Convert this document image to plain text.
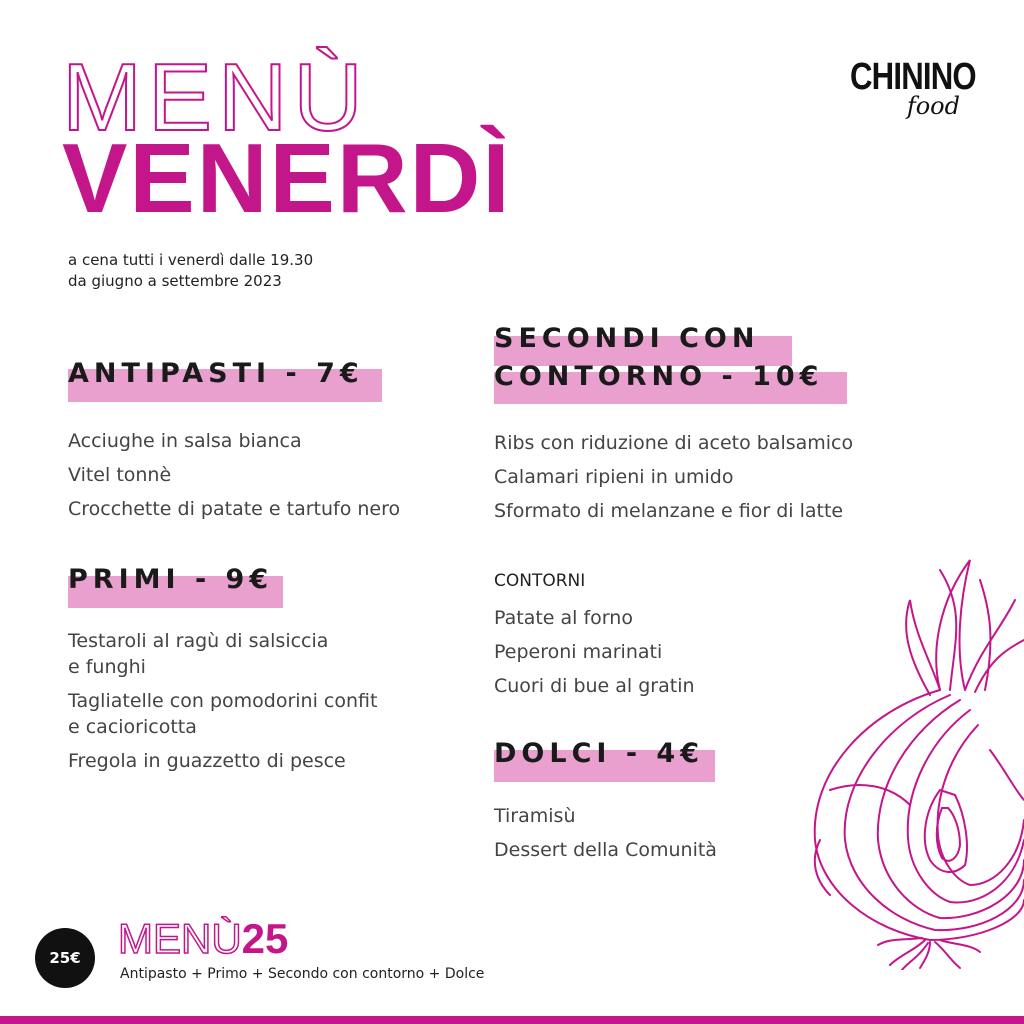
MENÙ
VENERDÌ
a cena tutti i venerdì dalle 19.30
da giugno a settembre 2023
CHININO
food
ANTIPASTI - 7€
Acciughe in salsa bianca
Vitel tonnè
Crocchette di patate e tartufo nero
PRIMI - 9€
Testaroli al ragù di salsiccia
e funghi
Tagliatelle con pomodorini confit
e cacioricotta
Fregola in guazzetto di pesce
SECONDI CON
CONTORNO - 10€
Ribs con riduzione di aceto balsamico
Calamari ripieni in umido
Sformato di melanzane e fior di latte
CONTORNI
Patate al forno
Peperoni marinati
Cuori di bue al gratin
DOLCI - 4€
Tiramisù
Dessert della Comunità
25€ MENÙ25
Antipasto + Primo + Secondo con contorno + Dolce
